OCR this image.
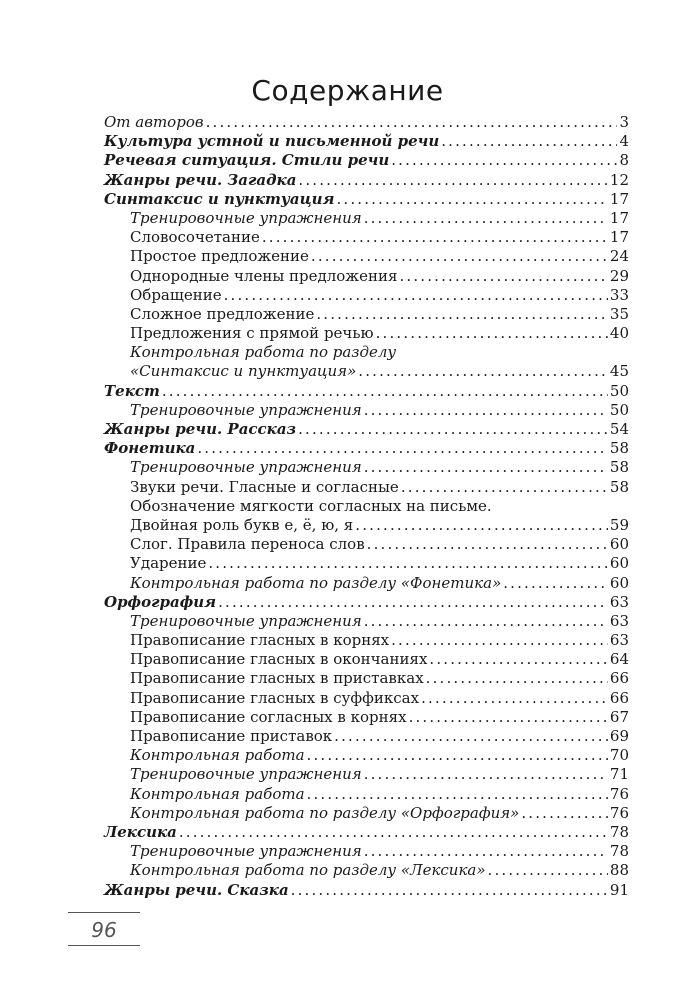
Содержание
От авторов . . .	3
Культура устной и письменной речи . . .	4
Речевая ситуация. Стили речи . . .	8
Жанры речи. Загадка . . .	12
Синтаксис и пунктуация . . .	17
Тренировочные упражнения . . .	17
Словосочетание . . .	17
Простое предложение . . .	24
Однородные члены предложения . . .	29
Обращение . . .	33
Сложное предложение . . .	35
Предложения с прямой речью . . .	40
Контрольная работа по разделу
«Синтаксис и пунктуация» . . .	45
Текст . . .	50
Тренировочные упражнения . . .	50
Жанры речи. Рассказ . . .	54
Фонетика . . .	58
Тренировочные упражнения . . .	58
Звуки речи. Гласные и согласные . . .	58
Обозначение мягкости согласных на письме.
Двойная роль букв е, ё, ю, я . . .	59
Слог. Правила переноса слов . . .	60
Ударение . . .	60
Контрольная работа по разделу «Фонетика» . . .	60
Орфография . . .	63
Тренировочные упражнения . . .	63
Правописание гласных в корнях . . .	63
Правописание гласных в окончаниях . . .	64
Правописание гласных в приставках . . .	66
Правописание гласных в суффиксах . . .	66
Правописание согласных в корнях . . .	67
Правописание приставок . . .	69
Контрольная работа . . .	70
Тренировочные упражнения . . .	71
Контрольная работа . . .	76
Контрольная работа по разделу «Орфография» . . .	76
Лексика . . .	78
Тренировочные упражнения . . .	78
Контрольная работа по разделу «Лексика» . . .	88
Жанры речи. Сказка . . .	91
96
